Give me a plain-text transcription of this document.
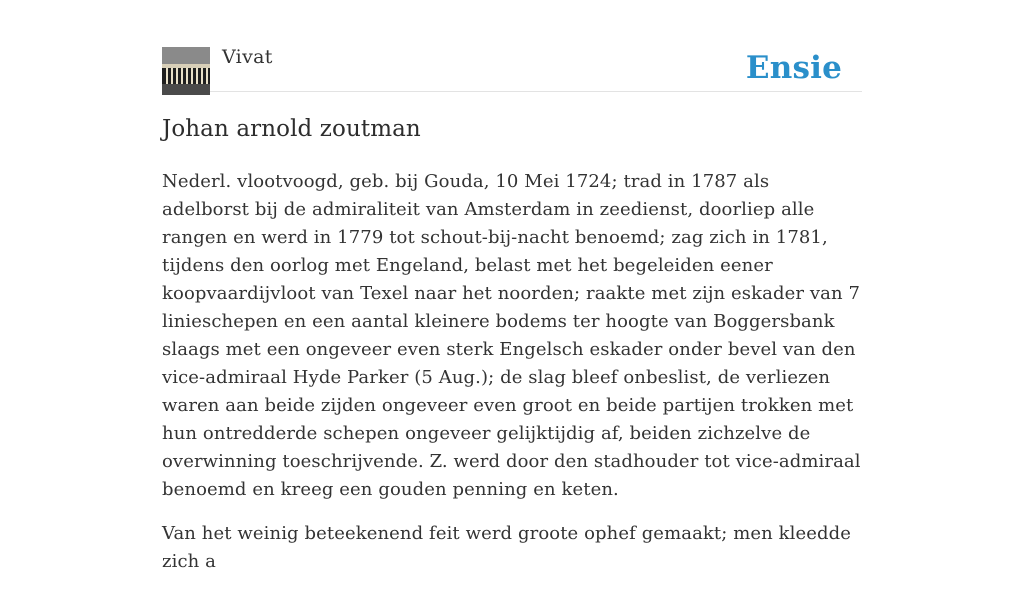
Vivat	Ensie
Johan arnold zoutman

Nederl. vlootvoogd, geb. bij Gouda, 10 Mei 1724; trad in 1787 als adelborst bij de admiraliteit van Amsterdam in zeedienst, doorliep alle rangen en werd in 1779 tot schout-bij-nacht benoemd; zag zich in 1781, tijdens den oorlog met Engeland, belast met het begeleiden eener koopvaardijvloot van Texel naar het noorden; raakte met zijn eskader van 7 linieschepen en een aantal kleinere bodems ter hoogte van Boggersbank slaags met een ongeveer even sterk Engelsch eskader onder bevel van den vice-admiraal Hyde Parker (5 Aug.); de slag bleef onbeslist, de verliezen waren aan beide zijden ongeveer even groot en beide partijen trokken met hun ontredderde schepen ongeveer gelijktijdig af, beiden zichzelve de overwinning toeschrijvende. Z. werd door den stadhouder tot vice-admiraal benoemd en kreeg een gouden penning en keten.

Van het weinig beteekenend feit werd groote ophef gemaakt; men kleedde zich a
